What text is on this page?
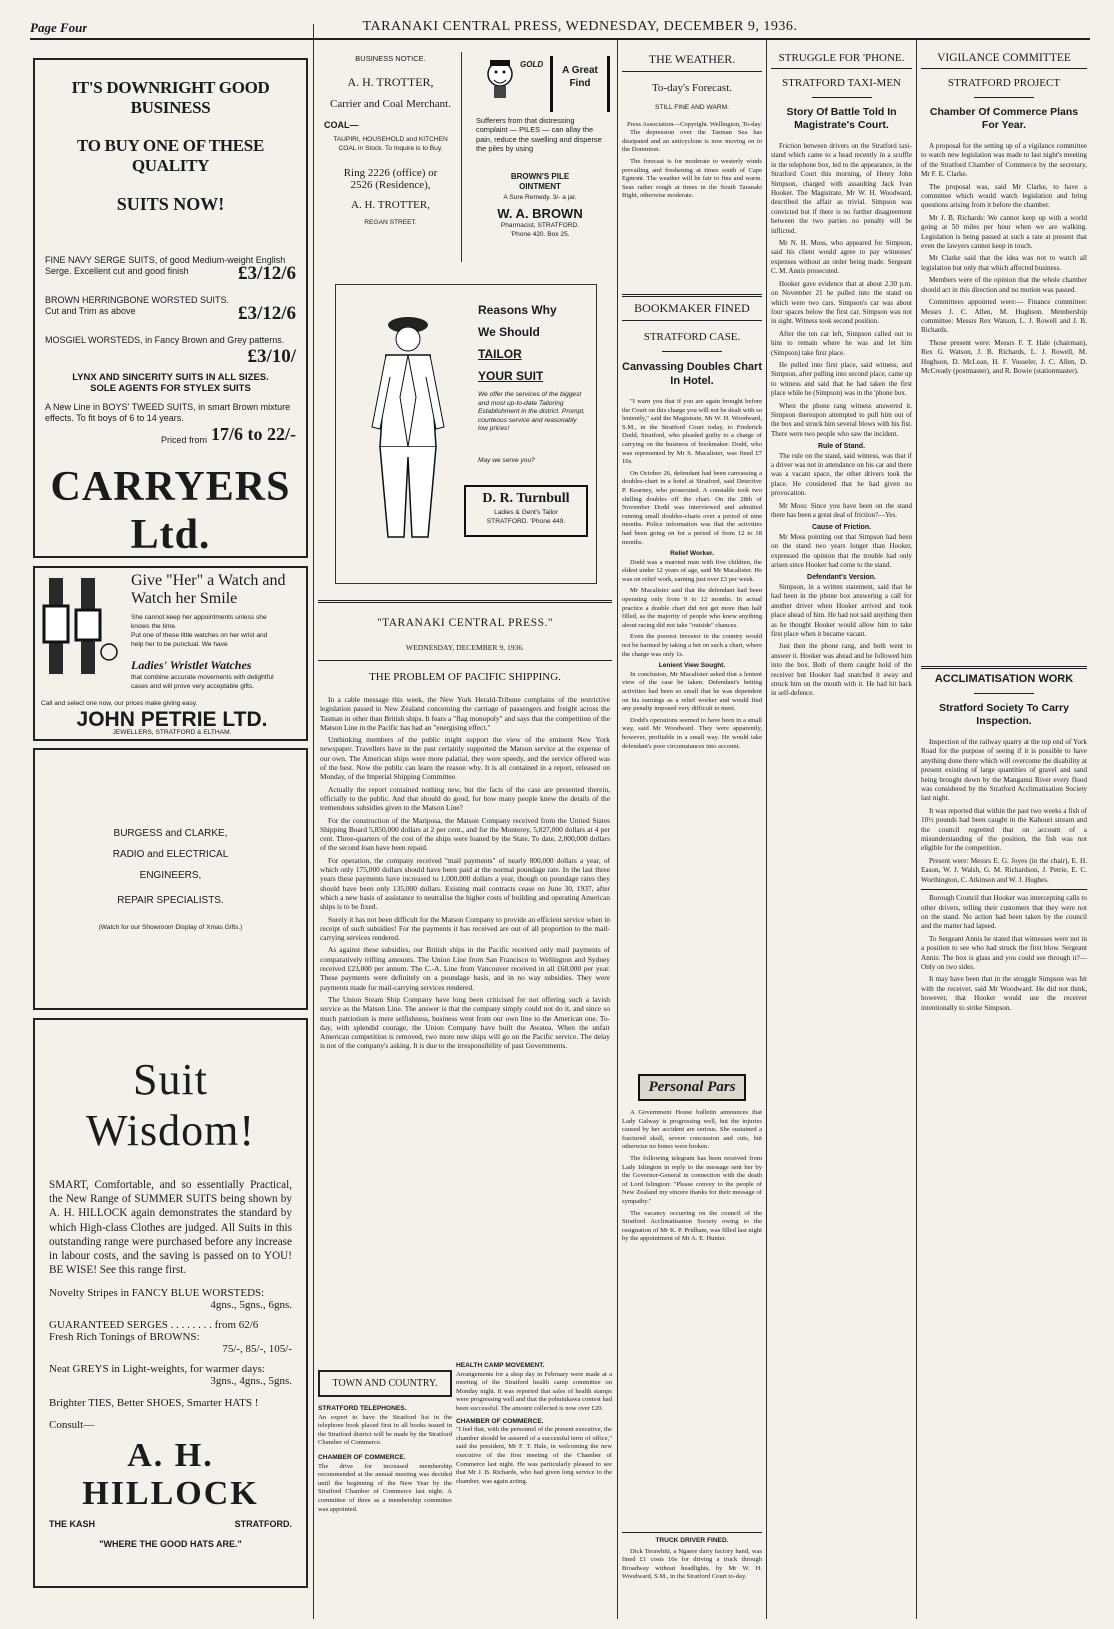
Page Four	TARANAKI CENTRAL PRESS, WEDNESDAY, DECEMBER 9, 1936.
IT'S DOWNRIGHT GOOD BUSINESS
TO BUY ONE OF THESE QUALITY
SUITS NOW!
FINE NAVY SERGE SUITS, of good Medium-weight English Serge. Excellent cut and good finish	£3/12/6
BROWN HERRINGBONE WORSTED SUITS. Cut and Trim as above	£3/12/6
MOSGIEL WORSTEDS, in Fancy Brown and Grey patterns.
£3/10/
LYNX AND SINCERITY SUITS IN ALL SIZES.
SOLE AGENTS FOR STYLEX SUITS
A New Line in BOYS' TWEED SUITS, in smart Brown mixture effects. To fit boys of 6 to 14 years.
Priced from 17/6 to 22/-
CARRYERS Ltd.
Give "Her" a Watch and Watch her Smile
She cannot keep her appointments unless she knows the time.
Put one of these little watches on her wrist and help her to be punctual. We have
Ladies' Wristlet Watches
that combine accurate movements with delightful cases and will prove very acceptable gifts.
Call and select one now, our prices make giving easy.
JOHN PETRIE LTD.
JEWELLERS, STRATFORD & ELTHAM.
BURGESS and CLARKE,
RADIO and ELECTRICAL
ENGINEERS,
REPAIR SPECIALISTS.
(Watch for our Showroom Display of Xmas Gifts.)
Suit Wisdom!
SMART, Comfortable, and so essentially Practical, the New Range of SUMMER SUITS being shown by A. H. HILLOCK again demonstrates the standard by which High-class Clothes are judged. All Suits in this outstanding range were purchased before any increase in labour costs, and the saving is passed on to YOU! BE WISE! See this range first.
Novelty Stripes in FANCY BLUE WORSTEDS:
4gns., 5gns., 6gns.
GUARANTEED SERGES . . . . . . . . from 62/6
Fresh Rich Tonings of BROWNS:
75/-, 85/-, 105/-
Neat GREYS in Light-weights, for warmer days:
3gns., 4gns., 5gns.
Brighter TIES, Better SHOES, Smarter HATS !
Consult—
A. H. HILLOCK
THE KASH	STRATFORD.
"WHERE THE GOOD HATS ARE."
BUSINESS NOTICE.
A. H. TROTTER,
Carrier and Coal Merchant.
COAL—
TAUPIRI, HOUSEHOLD and KITCHEN COAL in Stock. To Inquire is to Buy.
Ring 2226 (office) or
2526 (Residence),
A. H. TROTTER,
REGAN STREET.
GOLD
A Great Find
Sufferers from that distressing complaint — PILES — can allay the pain, reduce the swelling and disperse the piles by using
BROWN'S PILE OINTMENT
A Sure Remedy. 3/- a jar.
W. A. BROWN
Pharmacist, STRATFORD. 'Phone 420. Box 25.
Reasons Why
We Should
TAILOR
YOUR SUIT
We offer the services of the biggest and most up-to-date Tailoring Establishment in the district. Prompt, courteous service and reasonably low prices!
May we serve you?
D. R. Turnbull
Ladies & Gent's Tailor
STRATFORD. 'Phone 449.
"TARANAKI CENTRAL PRESS."
WEDNESDAY, DECEMBER 9, 1936.
THE PROBLEM OF PACIFIC SHIPPING.

In a cable message this week, the New York Herald-Tribune complains of the restrictive legislation passed in New Zealand concerning the carriage of passengers and freight across the Tasman in other than British ships. It fears a "flag monopoly" and says that the competition of the Matson Line in the Pacific has had an "energising effect."

Unthinking members of the public might support the view of the eminent New York newspaper. Travellers have in the past certainly supported the Matson service at the expense of our own. The American ships were more palatial, they were speedy, and the service offered was of the best. Now the public can learn the reason why. It is all contained in a report, released on Monday, of the Imperial Shipping Committee.

Actually the report contained nothing new, but the facts of the case are presented therein, officially to the public. And that should do good, for how many people knew the details of the tremendous subsidies given to the Matson Line?

For the construction of the Mariposa, the Matson Company received from the United States Shipping Board 5,850,000 dollars at 2 per cent., and for the Monterey, 5,827,000 dollars at 4 per cent. Three-quarters of the cost of the ships were loaned by the State. To date, 2,000,000 dollars of the second loan have been repaid.

For operation, the company received "mail payments" of nearly 800,000 dollars a year, of which only 175,000 dollars should have been paid at the normal poundage rate. In the last three years these payments have increased to 1,000,000 dollars a year, though on poundage rates they should have been only 135,000 dollars. Existing mail contracts cease on June 30, 1937, after which a new basis of assistance to neutralise the higher costs of building and operating American ships is to be fixed.

Surely it has not been difficult for the Matson Company to provide an efficient service when in receipt of such subsidies! For the payments it has received are out of all proportion to the mail-carrying services rendered.

As against these subsidies, our British ships in the Pacific received only mail payments of comparatively trifling amounts. The Union Line from San Francisco to Wellington and Sydney received £23,000 per annum. The C.-A. Line from Vancouver received in all £68,000 per year. These payments were definitely on a poundage basis, and in no way subsidies. They were payments made for mail-carrying services rendered.

The Union Steam Ship Company have long been criticised for not offering such a lavish service as the Matson Line. The answer is that the company simply could not do it, and since so much patriotism is mere selfishness, business went from our own line to the American one. To-day, with splendid courage, the Union Company have built the Awatea. When the unfair American competition is removed, two more new ships will go on the Pacific service. The delay is not of the company's asking. It is due to the irresponsibility of past Governments.

TOWN AND COUNTRY.
STRATFORD TELEPHONES.
An expert to have the Stratford list in the telephone book placed first in all books issued in the Stratford district will be made by the Stratford Chamber of Commerce.
CHAMBER OF COMMERCE.
The drive for increased membership recommended at the annual meeting was decided until the beginning of the New Year by the Stratford Chamber of Commerce last night. A committee of three as a membership committee was appointed.
HEALTH CAMP MOVEMENT.
Arrangements for a shop day in February were made at a meeting of the Stratford health camp committee on Monday night. It was reported that sales of health stamps were progressing well and that the pohutukawa contest had been successful. The amount collected is now over £20.
CHAMBER OF COMMERCE.
"I feel that, with the personnel of the present executive, the chamber should be assured of a successful term of office," said the president, Mr F. T. Hale, in welcoming the new executive of the first meeting of the Chamber of Commerce last night. He was particularly pleased to see that Mr J. B. Richards, who had given long service to the chamber, was again acting.
THE WEATHER.
To-day's Forecast.
STILL FINE AND WARM.
Press Association—Copyright. Wellington, To-day.
The depression over the Tasman Sea has dissipated and an anticyclone is now moving on to the Dominion.
The forecast is for moderate to westerly winds prevailing and freshening at times south of Cape Egmont. The weather will be fair to fine and warm. Seas rather rough at times in the South Taranaki Bight, otherwise moderate.
BOOKMAKER FINED
STRATFORD CASE.
Canvassing Doubles Chart In Hotel.

"I warn you that if you are again brought before the Court on this charge you will not be dealt with so leniently," said the Magistrate, Mr W. H. Woodward, S.M., in the Stratford Court today, to Frederick Dodd, Stratford, who pleaded guilty to a charge of carrying on the business of bookmaker. Dodd, who was represented by Mr S. Macalister, was fined £7 10s.

On October 26, defendant had been canvassing a doubles-chart in a hotel at Stratford, said Detective P. Kearney, who prosecuted. A constable took two shilling doubles off the chart. On the 28th of November Dodd was interviewed and admitted running small doubles-charts over a period of nine months. Police information was that the activities had been going on for a period of from 12 to 18 months.

Relief Worker.

Dodd was a married man with five children, the eldest under 12 years of age, said Mr Macalister. He was on relief work, earning just over £3 per week.

Mr Macalister said that the defendant had been operating only from 9 to 12 months. In actual practice a double chart did not get more than half filled, as the majority of people who knew anything about racing did not take "outside" chances.

Even the poorest investor in the country would not be harmed by taking a bet on such a chart, where the charge was only 1s.

Lenient View Sought.

In conclusion, Mr Macalister asked that a lenient view of the case be taken. Defendant's betting activities had been so small that he was dependent on his earnings as a relief worker and would find any penalty imposed very difficult to meet.

Dodd's operations seemed to have been in a small way, said Mr Woodward. They were apparently, however, profitable in a small way. He would take defendant's poor circumstances into account.

Personal Pars

A Government House bulletin announces that Lady Galway is progressing well, but the injuries caused by her accident are serious. She sustained a fractured skull, severe concussion and cuts, but otherwise no bones were broken.

The following telegram has been received from Lady Islington in reply to the message sent her by the Governor-General in connection with the death of Lord Islington: "Please convey to the people of New Zealand my sincere thanks for their message of sympathy."

The vacancy occurring on the council of the Stratford Acclimatisation Society owing to the resignation of Mr K. P. Pridham, was filled last night by the appointment of Mr A. E. Hunter.

TRUCK DRIVER FINED.

Dick Terawhiti, a Ngaere dairy factory hand, was fined £1 costs 10s for driving a truck through Broadway without headlights, by Mr W. H. Woodward, S.M., in the Stratford Court to-day.

STRUGGLE FOR 'PHONE.
STRATFORD TAXI-MEN
Story Of Battle Told In Magistrate's Court.

Friction between drivers on the Stratford taxi-stand which came to a head recently in a scuffle in the telephone box, led to the appearance, in the Stratford Court this morning, of Henry John Simpson, charged with assaulting Jack Ivan Hooker. The Magistrate, Mr W. H. Woodward, described the affair as trivial. Simpson was convicted but if there is no further disagreement between the two parties no penalty will be inflicted.

Mr N. H. Moss, who appeared for Simpson, said his client would agree to pay witnesses' expenses without an order being made. Sergeant C. M. Annis prosecuted.

Hooker gave evidence that at about 2.30 p.m. on November 21 he pulled into the stand on which were two cars. Simpson's car was about four spaces below the first car. Simpson was not in sight. Witness took second position.

After the ten car left, Simpson called out to him to remain where he was and let him (Simpson) take first place.

He pulled into first place, said witness, and Simpson, after pulling into second place, came up to witness and said that he had taken the first place while he (Simpson) was in the 'phone box.

When the phone rang witness answered it. Simpson thereupon attempted to pull him out of the box and struck him several blows with his fist. There were two people who saw the incident.

Rule of Stand.

The rule on the stand, said witness, was that if a driver was not in attendance on his car and there was a vacant space, the other drivers took the place. He considered that he had given no provocation.

Mr Moss: Since you have been on the stand there has been a great deal of friction?—Yes.

Cause of Friction.

Mr Moss pointing out that Simpson had been on the stand two years longer than Hooker, expressed the opinion that the trouble had only arisen since Hooker had come to the stand.

Defendant's Version.

Simpson, in a written statement, said that he had been in the phone box answering a call for another driver when Hooker arrived and took place ahead of him. He had not said anything then as he thought Hooker would allow him to take first place when it became vacant.

Just then the phone rang, and both went to answer it. Hooker was ahead and he followed him into the box. Both of them caught hold of the receiver but Hooker had snatched it away and struck him on the mouth with it. He had hit back in self-defence.

VIGILANCE COMMITTEE
STRATFORD PROJECT
Chamber Of Commerce Plans For Year.

A proposal for the setting up of a vigilance committee to watch new legislation was made to last night's meeting of the Stratford Chamber of Commerce by the secretary, Mr F. E. Clarke.

The proposal was, said Mr Clarke, to have a committee which would watch legislation and bring questions arising from it before the chamber.

Mr J. B. Richards: We cannot keep up with a world going at 50 miles per hour when we are walking. Legislation is being passed at such a rate at present that even the lawyers cannot keep in touch.

Mr Clarke said that the idea was not to watch all legislation but only that which affected business.

Members were of the opinion that the whole chamber should act in this direction and no motion was passed.

Committees appointed were:— Finance committee: Messrs J. C. Allen, M. Hughson. Membership committee: Messrs Rex Watson, L. J. Rowell and J. B. Richards.

Those present were: Messrs F. T. Hale (chairman), Rex G. Watson, J. B. Richards, L. J. Rowell, M. Hughson, D. McLean, H. F. Vosseler, J. C. Allen, D. McCready (postmaster), and R. Bowie (stationmaster).

ACCLIMATISATION WORK
Stratford Society To Carry Inspection.

Inspection of the railway quarry at the top end of York Road for the purpose of seeing if it is possible to have anything done there which will overcome the disability at present existing of large quantities of gravel and sand being brought down by the Manganui River every flood was considered by the Stratford Acclimatisation Society last night.

It was reported that within the past two weeks a fish of 10½ pounds had been caught in the Kahouri stream and the council regretted that on account of a misunderstanding of the position, the fish was not eligible for the competition.

Present were: Messrs E. G. Joyes (in the chair), E. H. Eason, W. J. Walsh, G. M. Richardson, J. Petrie, E. C. Worthington, C. Atkinson and W. J. Hughes.

Borough Council that Hooker was intercepting calls to other drivers, telling their customers that they were not on the stand. No action had been taken by the council and the matter had lapsed.

To Sergeant Annis he stated that witnesses were not in a position to see who had struck the first blow. Sergeant Annis: The box is glass and you could see through it?—Only on two sides.

It may have been that in the struggle Simpson was hit with the receiver, said Mr Woodward. He did not think, however, that Hooker would use the receiver intentionally to strike Simpson.
